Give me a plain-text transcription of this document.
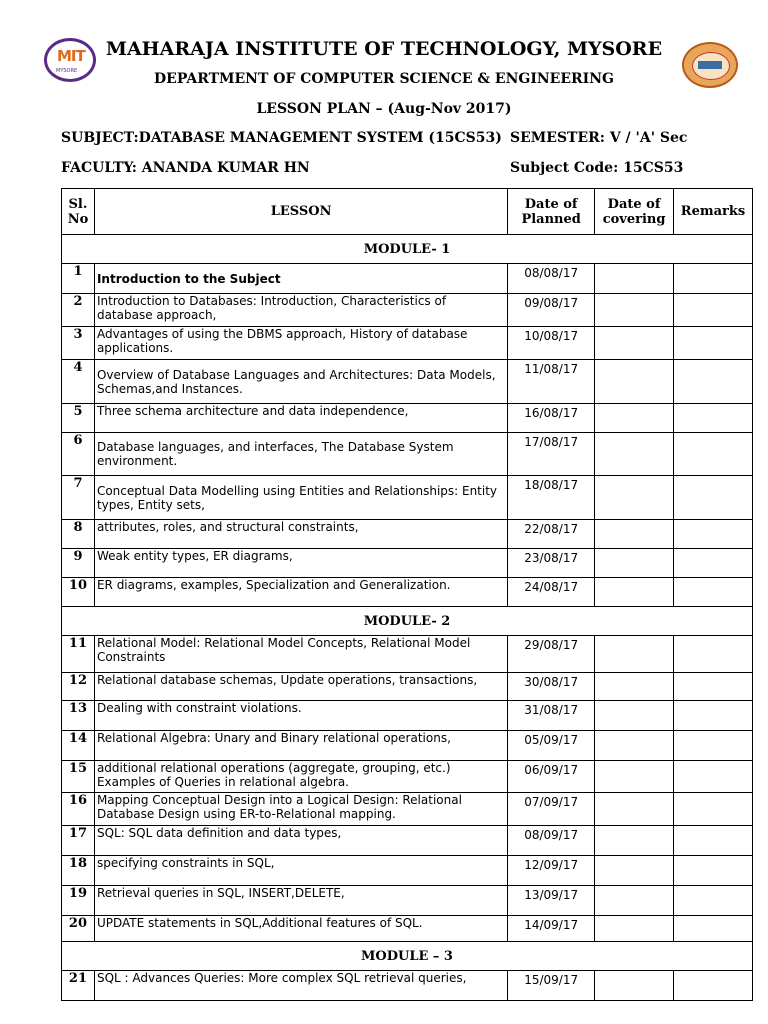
MIT
MYSORE
MAHARAJA INSTITUTE OF TECHNOLOGY, MYSORE
DEPARTMENT OF COMPUTER SCIENCE & ENGINEERING
LESSON PLAN – (Aug-Nov 2017)
SUBJECT:DATABASE MANAGEMENT SYSTEM (15CS53) SEMESTER: V / 'A' Sec
FACULTY: ANANDA KUMAR HN	Subject Code: 15CS53
Sl. No	LESSON	Date of Planned	Date of covering	Remarks
MODULE- 1				
1	Introduction to the Subject	08/08/17		
2	Introduction to Databases: Introduction, Characteristics of database approach,	09/08/17		
3	Advantages of using the DBMS approach, History of database applications.	10/08/17		
4	Overview of Database Languages and Architectures: Data Models, Schemas,and Instances.	11/08/17		
5	Three schema architecture and data independence,	16/08/17		
6	Database languages, and interfaces, The Database System environment.	17/08/17		
7	Conceptual Data Modelling using Entities and Relationships: Entity types, Entity sets,	18/08/17		
8	attributes, roles, and structural constraints,	22/08/17		
9	Weak entity types, ER diagrams,	23/08/17		
10	ER diagrams, examples, Specialization and Generalization.	24/08/17		
MODULE- 2				
11	Relational Model: Relational Model Concepts, Relational Model Constraints	29/08/17		
12	Relational database schemas, Update operations, transactions,	30/08/17		
13	Dealing with constraint violations.	31/08/17		
14	Relational Algebra: Unary and Binary relational operations,	05/09/17		
15	additional relational operations (aggregate, grouping, etc.) Examples of Queries in relational algebra.	06/09/17		
16	Mapping Conceptual Design into a Logical Design: Relational Database Design using ER-to-Relational mapping.	07/09/17		
17	SQL: SQL data definition and data types,	08/09/17		
18	specifying constraints in SQL,	12/09/17		
19	Retrieval queries in SQL, INSERT,DELETE,	13/09/17		
20	UPDATE statements in SQL,Additional features of SQL.	14/09/17		
MODULE – 3				
21	SQL : Advances Queries: More complex SQL retrieval queries,	15/09/17		
